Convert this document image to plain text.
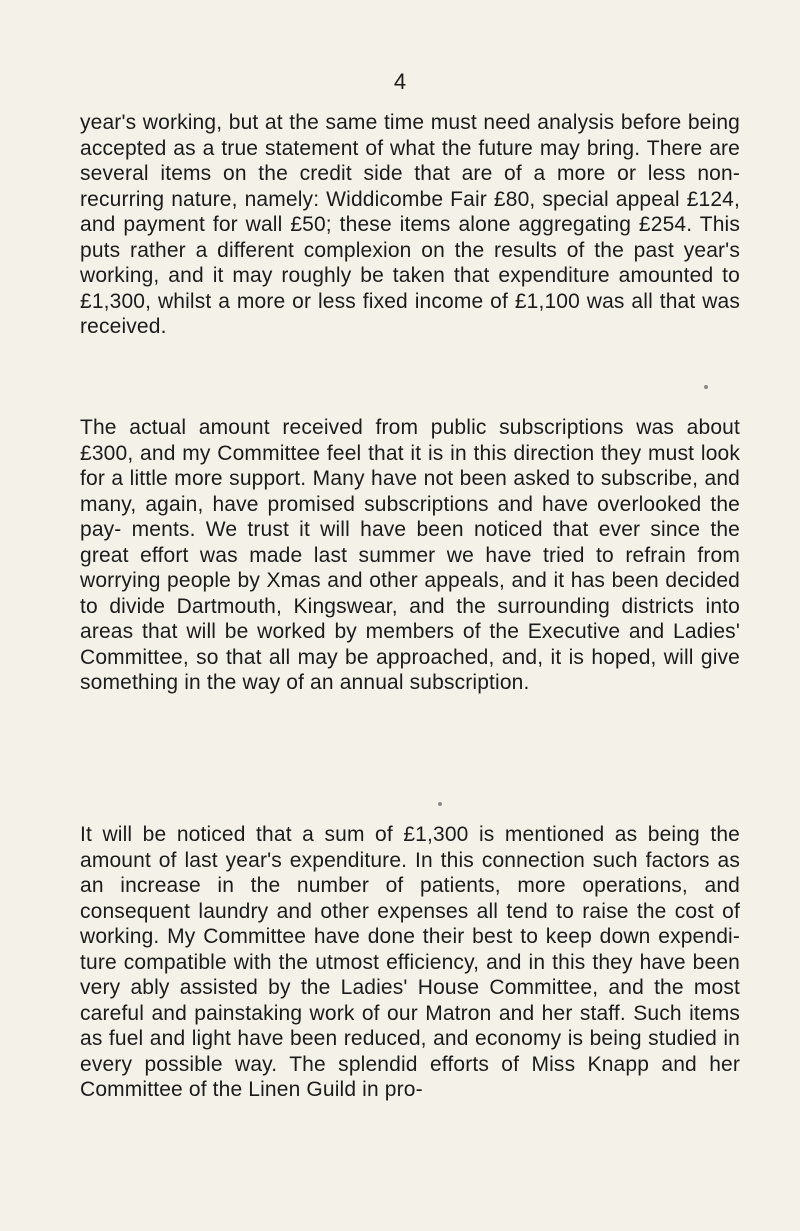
4

year's working, but at the same time must need analysis before being accepted as a true statement of what the future may bring. There are several items on the credit side that are of a more or less non-recurring nature, namely: Widdicombe Fair £80, special appeal £124, and payment for wall £50; these items alone aggregating £254. This puts rather a different complexion on the results of the past year's working, and it may roughly be taken that expenditure amounted to £1,300, whilst a more or less fixed income of £1,100 was all that was received.

The actual amount received from public subscriptions was about £300, and my Committee feel that it is in this direction they must look for a little more support. Many have not been asked to subscribe, and many, again, have promised subscriptions and have overlooked the pay- ments. We trust it will have been noticed that ever since the great effort was made last summer we have tried to refrain from worrying people by Xmas and other appeals, and it has been decided to divide Dartmouth, Kingswear, and the surrounding districts into areas that will be worked by members of the Executive and Ladies' Committee, so that all may be approached, and, it is hoped, will give something in the way of an annual subscription.

It will be noticed that a sum of £1,300 is mentioned as being the amount of last year's expenditure. In this connection such factors as an increase in the number of patients, more operations, and consequent laundry and other expenses all tend to raise the cost of working. My Committee have done their best to keep down expendi- ture compatible with the utmost efficiency, and in this they have been very ably assisted by the Ladies' House Committee, and the most careful and painstaking work of our Matron and her staff. Such items as fuel and light have been reduced, and economy is being studied in every possible way. The splendid efforts of Miss Knapp and her Committee of the Linen Guild in pro-
